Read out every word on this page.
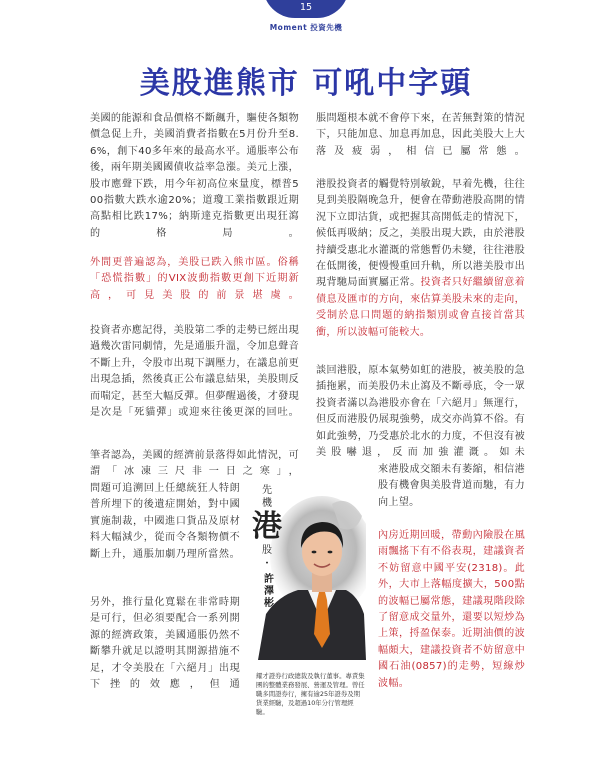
15
Moment 投資先機
美股進熊市 可吼中字頭

美國的能源和食品價格不斷飆升，驅使各類物價急促上升，美國消費者指數在5月份升至8.6%，創下40多年來的最高水平。通脹率公布後，兩年期美國國債收益率急漲。美元上漲，股市應聲下跌，用今年初高位來量度，標普500指數大跌水逾20%；道瓊工業指數跟近期高點相比跌17%；納斯達克指數更出現狂瀉的格局。

外間更普遍認為，美股已跌入熊市區。俗稱「恐慌指數」的VIX波動指數更創下近期新高，可見美股的前景堪虞。

投資者亦應記得，美股第二季的走勢已經出現過幾次雷同劇情，先是通脹升溫，令加息聲音不斷上升，令股市出現下調壓力，在議息前更出現急插，然後真正公布議息結果，美股則反而喘定，甚至大幅反彈。但夢醒過後，才發現是次是「死貓彈」或迎來往後更深的回吐。

筆者認為，美國的經濟前景落得如此情況，可謂「冰凍三尺非一日之寒」，

問題可追溯回上任總統狂人特朗普所埋下的後遺症開始，對中國實施制裁，中國進口貨品及原材料大幅減少，從而令各類物價不斷上升，通脹加劇乃理所當然。

另外，推行量化寬鬆在非常時期是可行，但必須要配合一系列開源的經濟政策，美國通脹仍然不斷攀升就足以證明其開源措施不足，才令美股在「六絕月」出現下挫的效應，但通

脹問題根本就不會停下來，在苦無對策的情況下，只能加息、加息再加息，因此美股大上大落及疲弱，相信已屬常態。

港股投資者的觸覺特別敏銳，早着先機，往往見到美股隔晚急升，便會在帶動港股高開的情況下立即沽貨，或把握其高開低走的情況下，候低再吸納；反之，美股出現大跌，由於港股持續受惠北水灌溉的常態暫仍未變，往往港股在低開後，便慢慢重回升軌，所以港美股市出現背馳局面實屬正常。投資者只好繼續留意着債息及匯市的方向，來估算美股未來的走向，受制於息口問題的納指類別或會直接首當其衝，所以波幅可能較大。

談回港股，原本氣勢如虹的港股，被美股的急插拖累，而美股仍未止瀉及不斷尋底，令一眾投資者滿以為港股亦會在「六絕月」無運行，但反而港股仍展現強勢，成交亦尚算不俗。有如此強勢，乃受惠於北水的力度，不但沒有被美股嚇退，反而加強灌溉。如未

來港股成交額未有萎縮，相信港股有機會與美股背道而馳，有力向上望。

內房近期回暖，帶動內險股在風雨飄搖下有不俗表現，建議資者不妨留意中國平安(2318)。此外，大市上落幅度擴大，500點的波幅已屬常態，建議現階段除了留意成交量外，還要以短炒為上策，捋盈保泰。近期油價的波幅頗大，建議投資者不妨留意中國石油(0857)的走勢，短線炒波幅。

先機
港
股
·
許澤彬
耀才證券行政總裁及執行董事。專責集團的整體業務發展、營運及管理。曾任職多間證券行，擁有逾25年證券及期貨業經驗，及超過10年分行管理經驗。
